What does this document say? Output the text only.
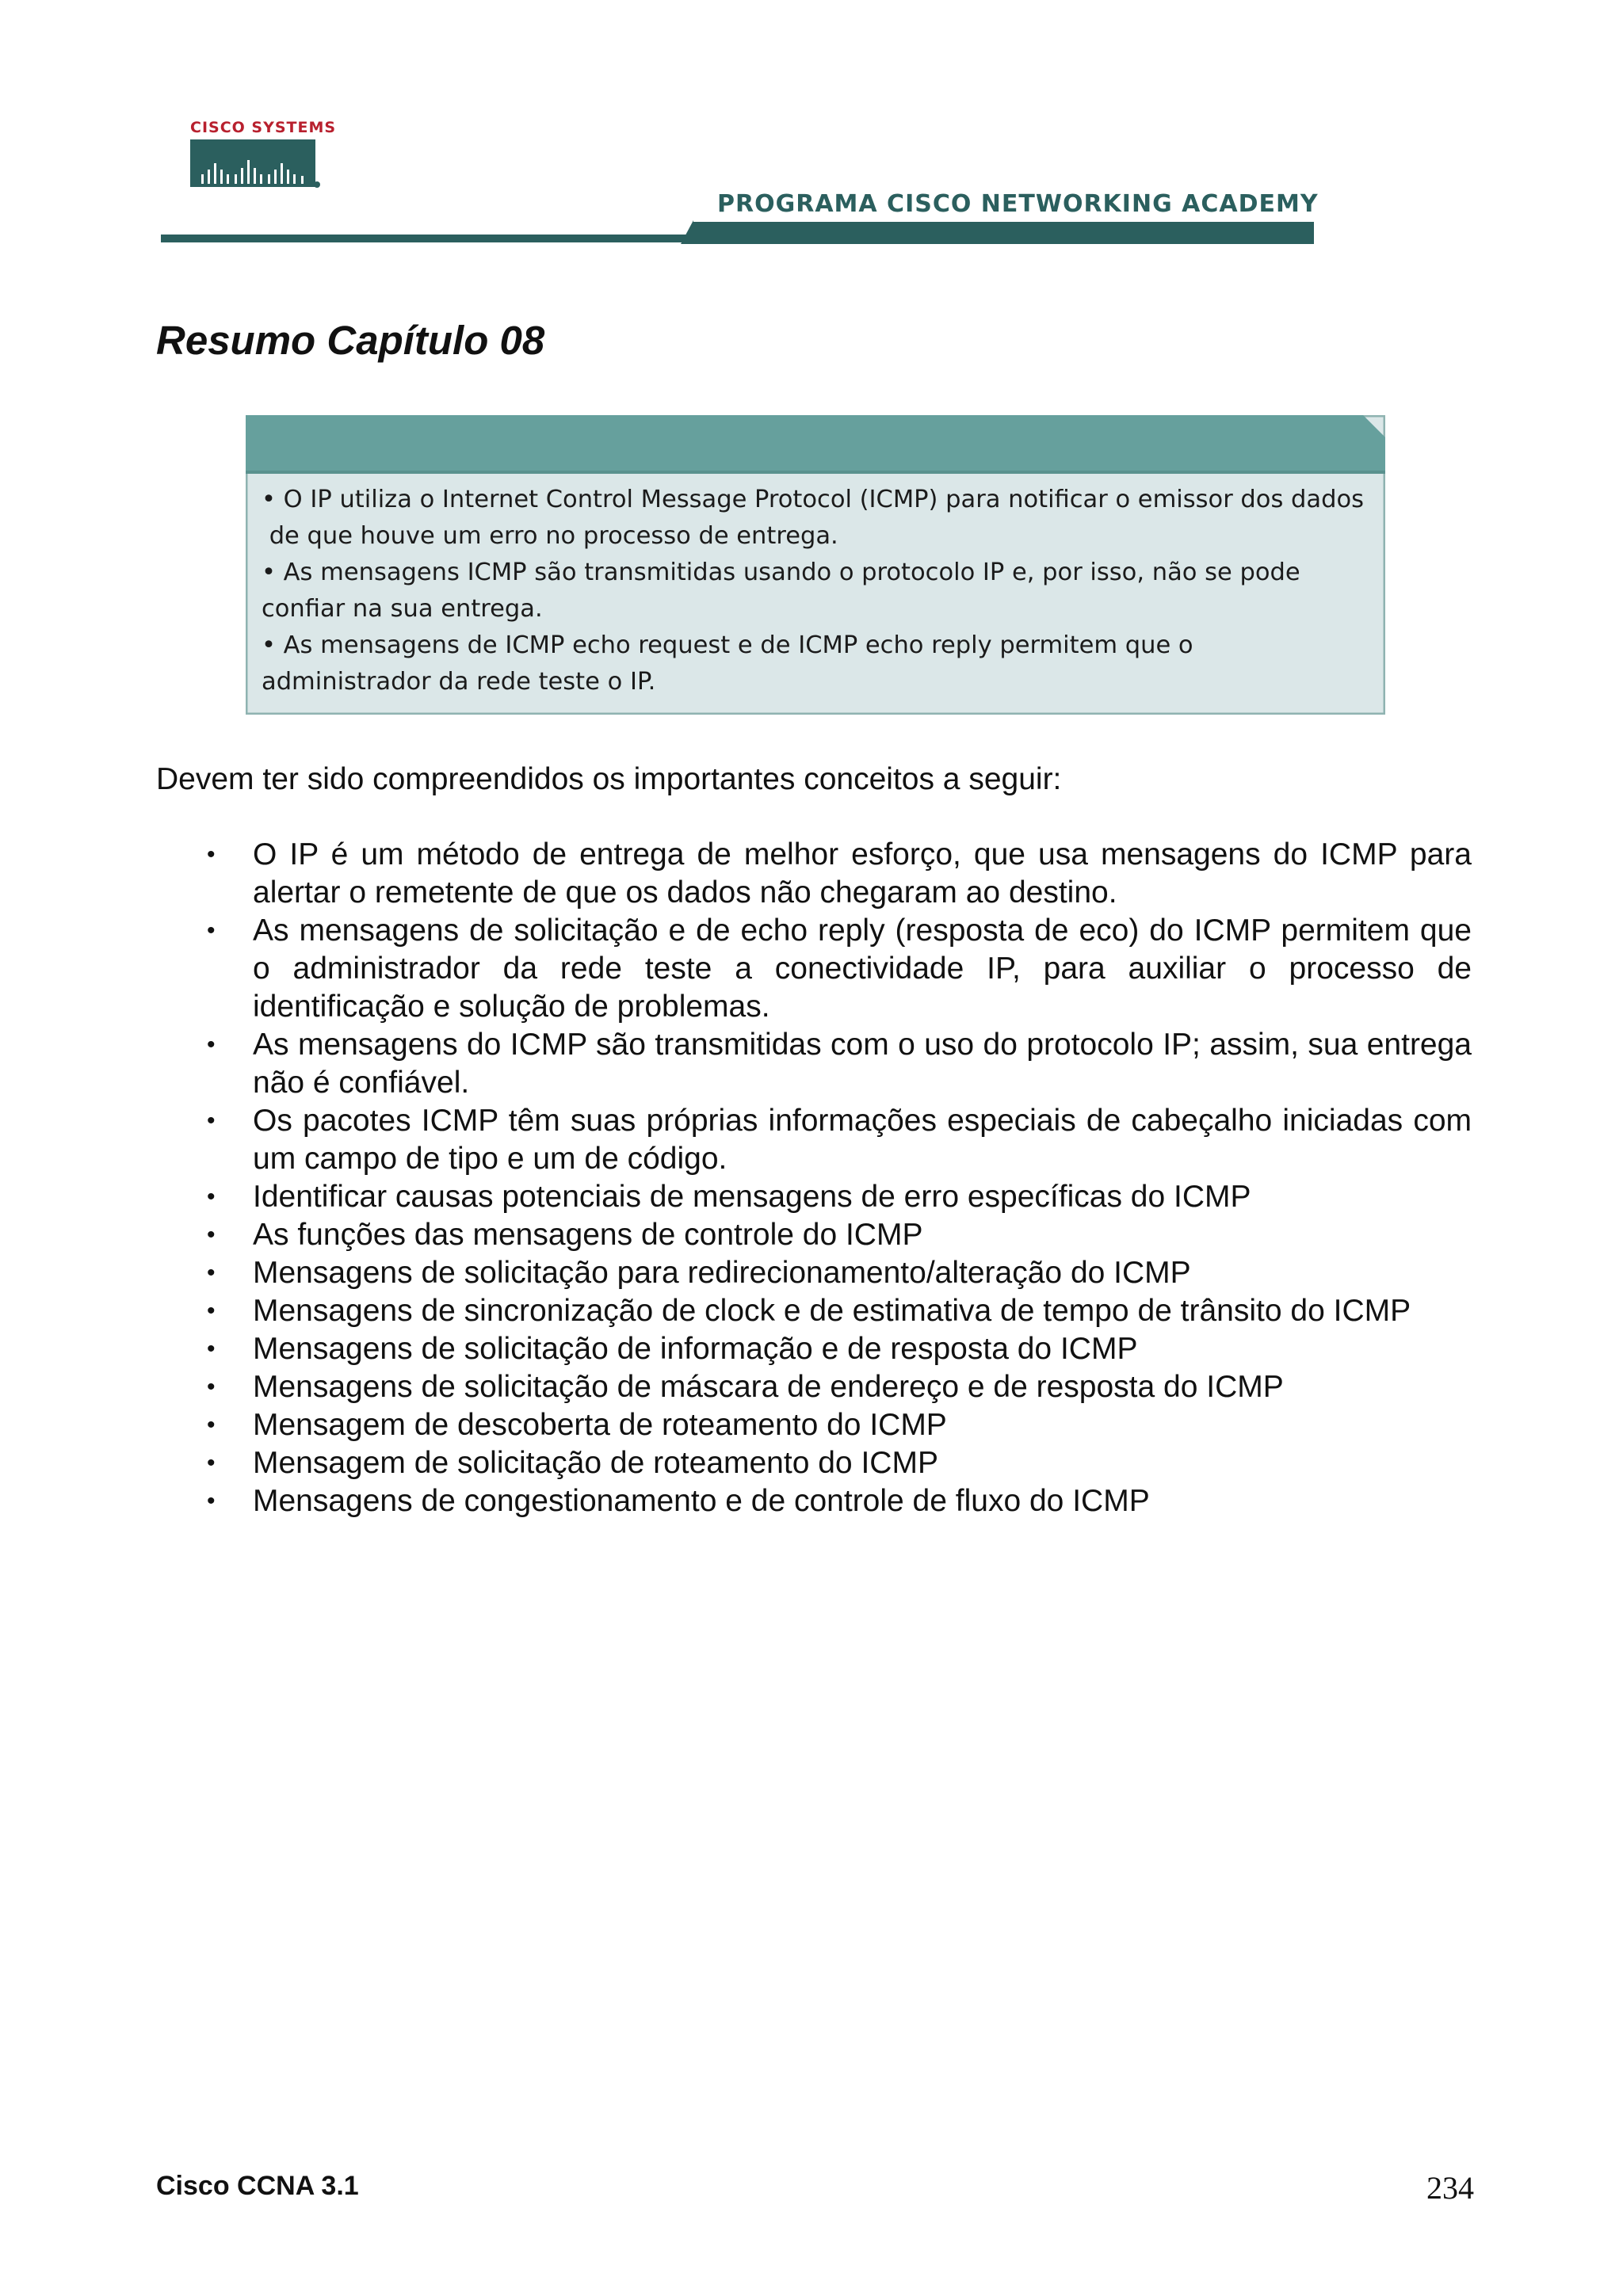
CISCO SYSTEMS
PROGRAMA CISCO NETWORKING ACADEMY
Resumo Capítulo 08

• O IP utiliza o Internet Control Message Protocol (ICMP) para notificar o emissor dos dados
de que houve um erro no processo de entrega.

• As mensagens ICMP são transmitidas usando o protocolo IP e, por isso, não se pode
confiar na sua entrega.

• As mensagens de ICMP echo request e de ICMP echo reply permitem que o
administrador da rede teste o IP.

Devem ter sido compreendidos os importantes conceitos a seguir:

• O IP é um método de entrega de melhor esforço, que usa mensagens do ICMP para alertar o remetente de que os dados não chegaram ao destino.
• As mensagens de solicitação e de echo reply (resposta de eco) do ICMP permitem que o administrador da rede teste a conectividade IP, para auxiliar o processo de identificação e solução de problemas.
• As mensagens do ICMP são transmitidas com o uso do protocolo IP; assim, sua entrega não é confiável.
• Os pacotes ICMP têm suas próprias informações especiais de cabeçalho iniciadas com um campo de tipo e um de código.
• Identificar causas potenciais de mensagens de erro específicas do ICMP
• As funções das mensagens de controle do ICMP
• Mensagens de solicitação para redirecionamento/alteração do ICMP
• Mensagens de sincronização de clock e de estimativa de tempo de trânsito do ICMP
• Mensagens de solicitação de informação e de resposta do ICMP
• Mensagens de solicitação de máscara de endereço e de resposta do ICMP
• Mensagem de descoberta de roteamento do ICMP
• Mensagem de solicitação de roteamento do ICMP
• Mensagens de congestionamento e de controle de fluxo do ICMP
Cisco CCNA 3.1	234
